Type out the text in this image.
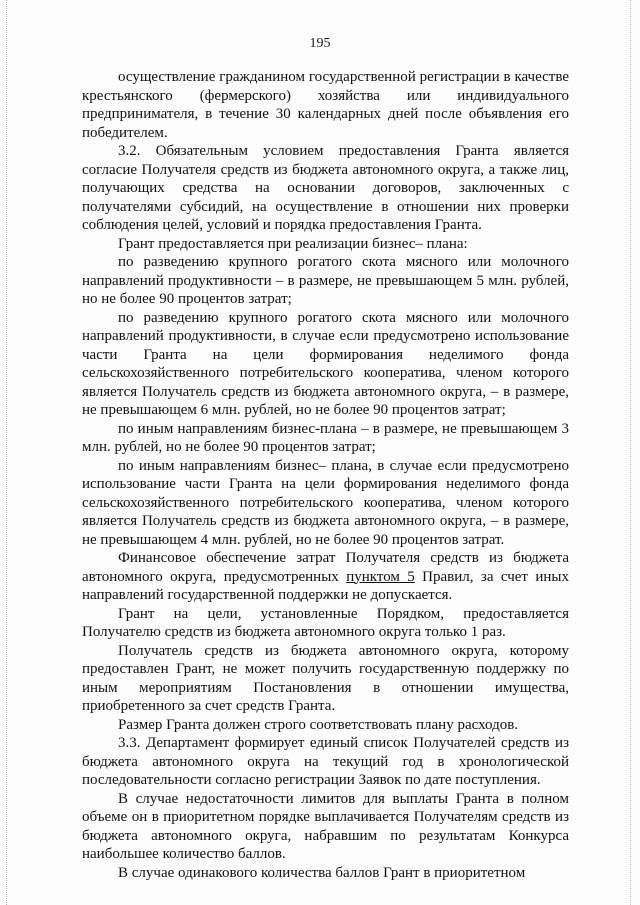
195

осуществление гражданином государственной регистрации в качестве крестьянского (фермерского) хозяйства или индивидуального предпринимателя, в течение 30 календарных дней после объявления его победителем.

3.2. Обязательным условием предоставления Гранта является согласие Получателя средств из бюджета автономного округа, а также лиц, получающих средства на основании договоров, заключенных с получателями субсидий, на осуществление в отношении них проверки соблюдения целей, условий и порядка предоставления Гранта.

Грант предоставляется при реализации бизнес– плана:

по разведению крупного рогатого скота мясного или молочного направлений продуктивности – в размере, не превышающем 5 млн. рублей, но не более 90 процентов затрат;

по разведению крупного рогатого скота мясного или молочного направлений продуктивности, в случае если предусмотрено использование части Гранта на цели формирования неделимого фонда сельскохозяйственного потребительского кооператива, членом которого является Получатель средств из бюджета автономного округа, – в размере, не превышающем 6 млн. рублей, но не более 90 процентов затрат;

по иным направлениям бизнес-плана – в размере, не превышающем 3 млн. рублей, но не более 90 процентов затрат;

по иным направлениям бизнес– плана, в случае если предусмотрено использование части Гранта на цели формирования неделимого фонда сельскохозяйственного потребительского кооператива, членом которого является Получатель средств из бюджета автономного округа, – в размере, не превышающем 4 млн. рублей, но не более 90 процентов затрат.

Финансовое обеспечение затрат Получателя средств из бюджета автономного округа, предусмотренных пунктом 5 Правил, за счет иных направлений государственной поддержки не допускается.

Грант на цели, установленные Порядком, предоставляется Получателю средств из бюджета автономного округа только 1 раз.

Получатель средств из бюджета автономного округа, которому предоставлен Грант, не может получить государственную поддержку по иным мероприятиям Постановления в отношении имущества, приобретенного за счет средств Гранта.

Размер Гранта должен строго соответствовать плану расходов.

3.3. Департамент формирует единый список Получателей средств из бюджета автономного округа на текущий год в хронологической последовательности согласно регистрации Заявок по дате поступления.

В случае недостаточности лимитов для выплаты Гранта в полном объеме он в приоритетном порядке выплачивается Получателям средств из бюджета автономного округа, набравшим по результатам Конкурса наибольшее количество баллов.

В случае одинакового количества баллов Грант в приоритетном
